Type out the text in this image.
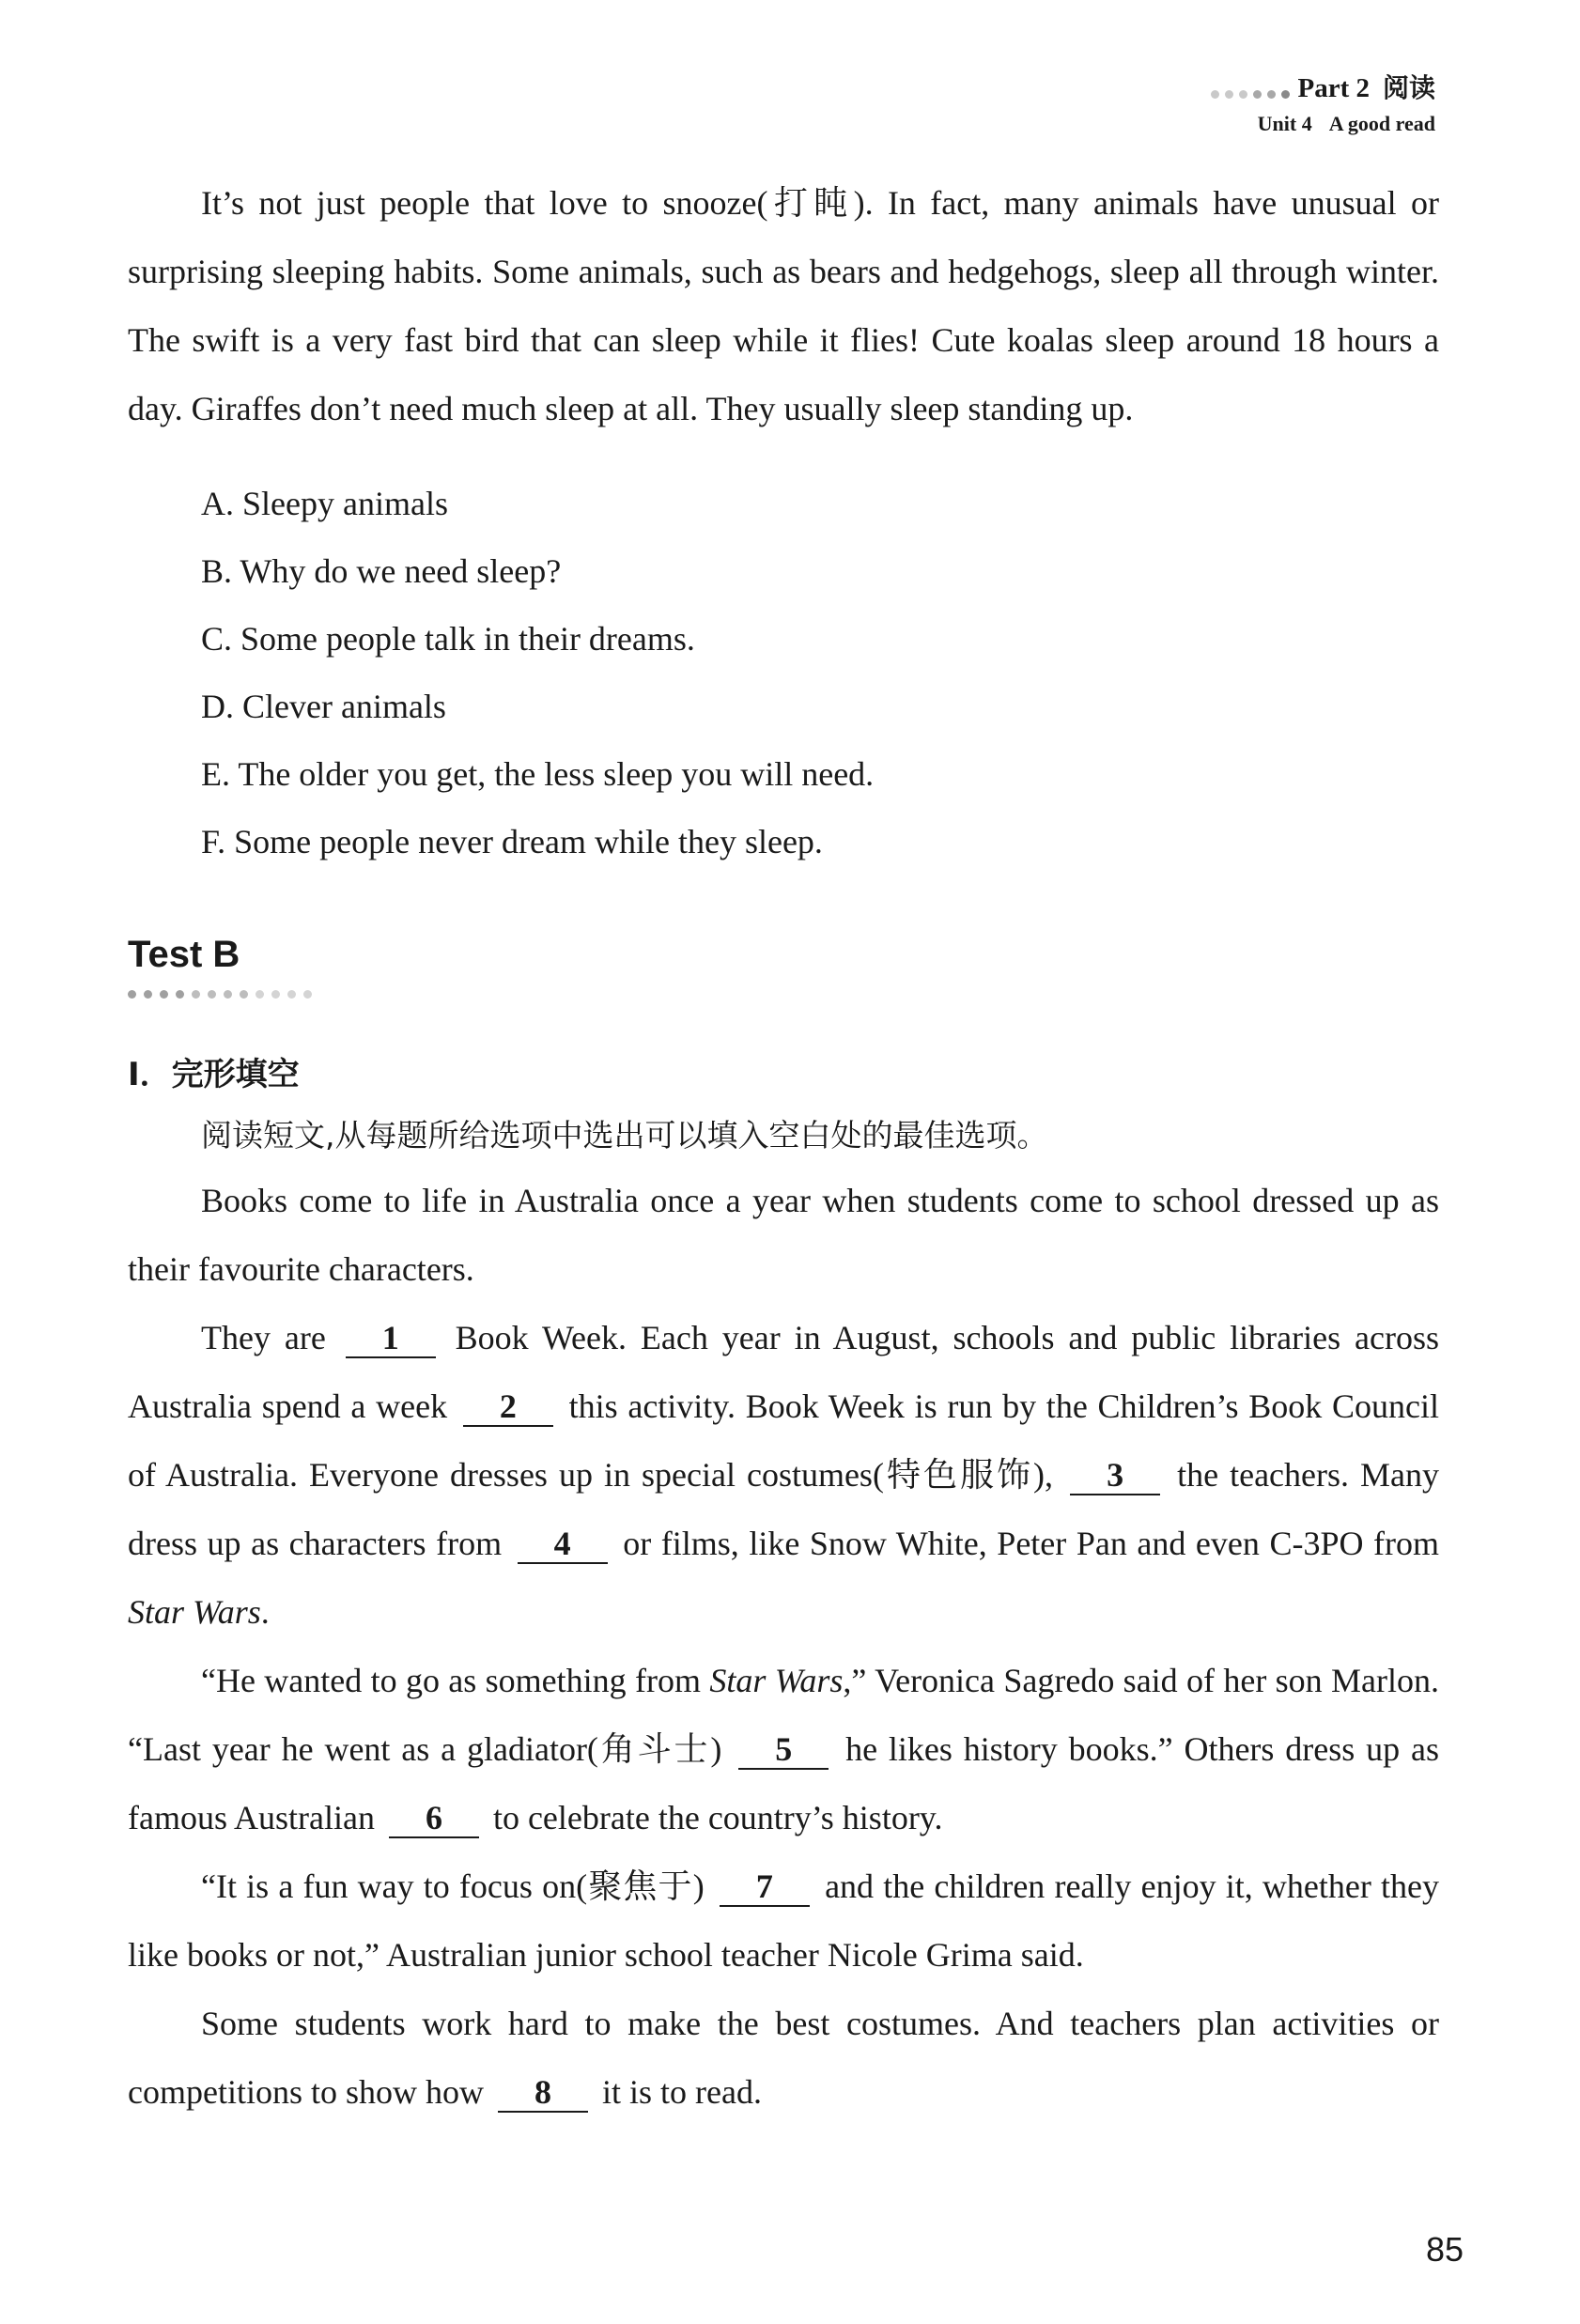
Part 2 阅读
Unit 4 A good read

It’s not just people that love to snooze(打盹). In fact, many animals have unusual or surprising sleeping habits. Some animals, such as bears and hedgehogs, sleep all through winter. The swift is a very fast bird that can sleep while it flies! Cute koalas sleep around 18 hours a day. Giraffes don’t need much sleep at all. They usually sleep standing up.

A. Sleepy animals

B. Why do we need sleep?

C. Some people talk in their dreams.

D. Clever animals

E. The older you get, the less sleep you will need.

F. Some people never dream while they sleep.

Test B
I．完形填空
阅读短文,从每题所给选项中选出可以填入空白处的最佳选项。

Books come to life in Australia once a year when students come to school dressed up as their favourite characters.

They are 1 Book Week. Each year in August, schools and public libraries across Australia spend a week 2 this activity. Book Week is run by the Children’s Book Council of Australia. Everyone dresses up in special costumes(特色服饰), 3 the teachers. Many dress up as characters from 4 or films, like Snow White, Peter Pan and even C-3PO from Star Wars.

“He wanted to go as something from Star Wars,” Veronica Sagredo said of her son Marlon. “Last year he went as a gladiator(角斗士) 5 he likes history books.” Others dress up as famous Australian 6 to celebrate the country’s history.

“It is a fun way to focus on(聚焦于) 7 and the children really enjoy it, whether they like books or not,” Australian junior school teacher Nicole Grima said.

Some students work hard to make the best costumes. And teachers plan activities or competitions to show how 8 it is to read.

85
